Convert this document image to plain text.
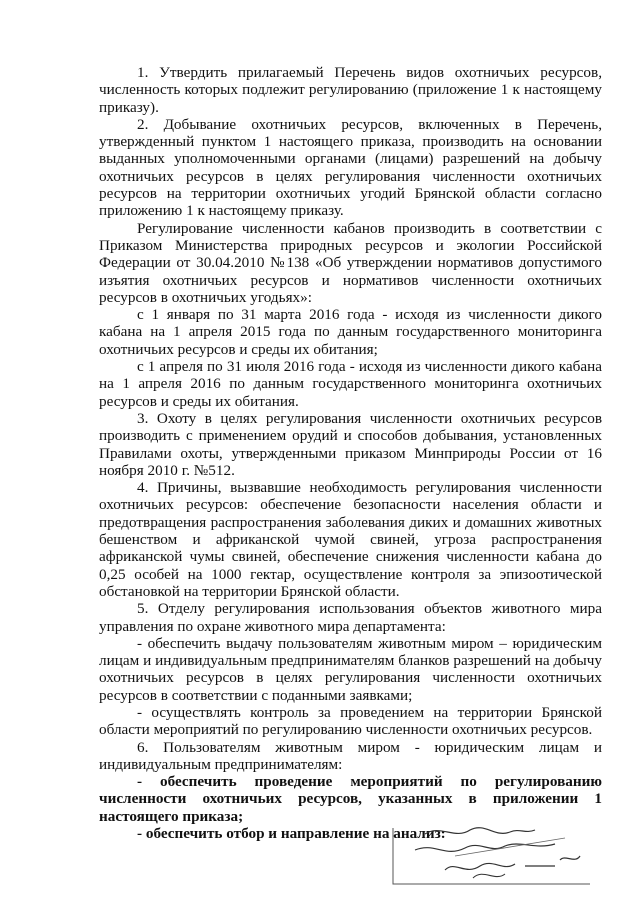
1. Утвердить прилагаемый Перечень видов охотничьих ресурсов, численность которых подлежит регулированию (приложение 1 к настоящему приказу).

2. Добывание охотничьих ресурсов, включенных в Перечень, утвержденный пунктом 1 настоящего приказа, производить на основании выданных уполномоченными органами (лицами) разрешений на добычу охотничьих ресурсов в целях регулирования численности охотничьих ресурсов на территории охотничьих угодий Брянской области согласно приложению 1 к настоящему приказу.

Регулирование численности кабанов производить в соответствии с Приказом Министерства природных ресурсов и экологии Российской Федерации от 30.04.2010 №138 «Об утверждении нормативов допустимого изъятия охотничьих ресурсов и нормативов численности охотничьих ресурсов в охотничьих угодьях»:

с 1 января по 31 марта 2016 года - исходя из численности дикого кабана на 1 апреля 2015 года по данным государственного мониторинга охотничьих ресурсов и среды их обитания;

с 1 апреля по 31 июля 2016 года - исходя из численности дикого кабана на 1 апреля 2016 по данным государственного мониторинга охотничьих ресурсов и среды их обитания.

3. Охоту в целях регулирования численности охотничьих ресурсов производить с применением орудий и способов добывания, установленных Правилами охоты, утвержденными приказом Минприроды России от 16 ноября 2010 г. №512.

4. Причины, вызвавшие необходимость регулирования численности охотничьих ресурсов: обеспечение безопасности населения области и предотвращения распространения заболевания диких и домашних животных бешенством и африканской чумой свиней, угроза распространения африканской чумы свиней, обеспечение снижения численности кабана до 0,25 особей на 1000 гектар, осуществление контроля за эпизоотической обстановкой на территории Брянской области.

5. Отделу регулирования использования объектов животного мира управления по охране животного мира департамента:

- обеспечить выдачу пользователям животным миром – юридическим лицам и индивидуальным предпринимателям бланков разрешений на добычу охотничьих ресурсов в целях регулирования численности охотничьих ресурсов в соответствии с поданными заявками;

- осуществлять контроль за проведением на территории Брянской области мероприятий по регулированию численности охотничьих ресурсов.

6. Пользователям животным миром - юридическим лицам и индивидуальным предпринимателям:

- обеспечить проведение мероприятий по регулированию численности охотничьих ресурсов, указанных в приложении 1 настоящего приказа;

- обеспечить отбор и направление на анализ:
